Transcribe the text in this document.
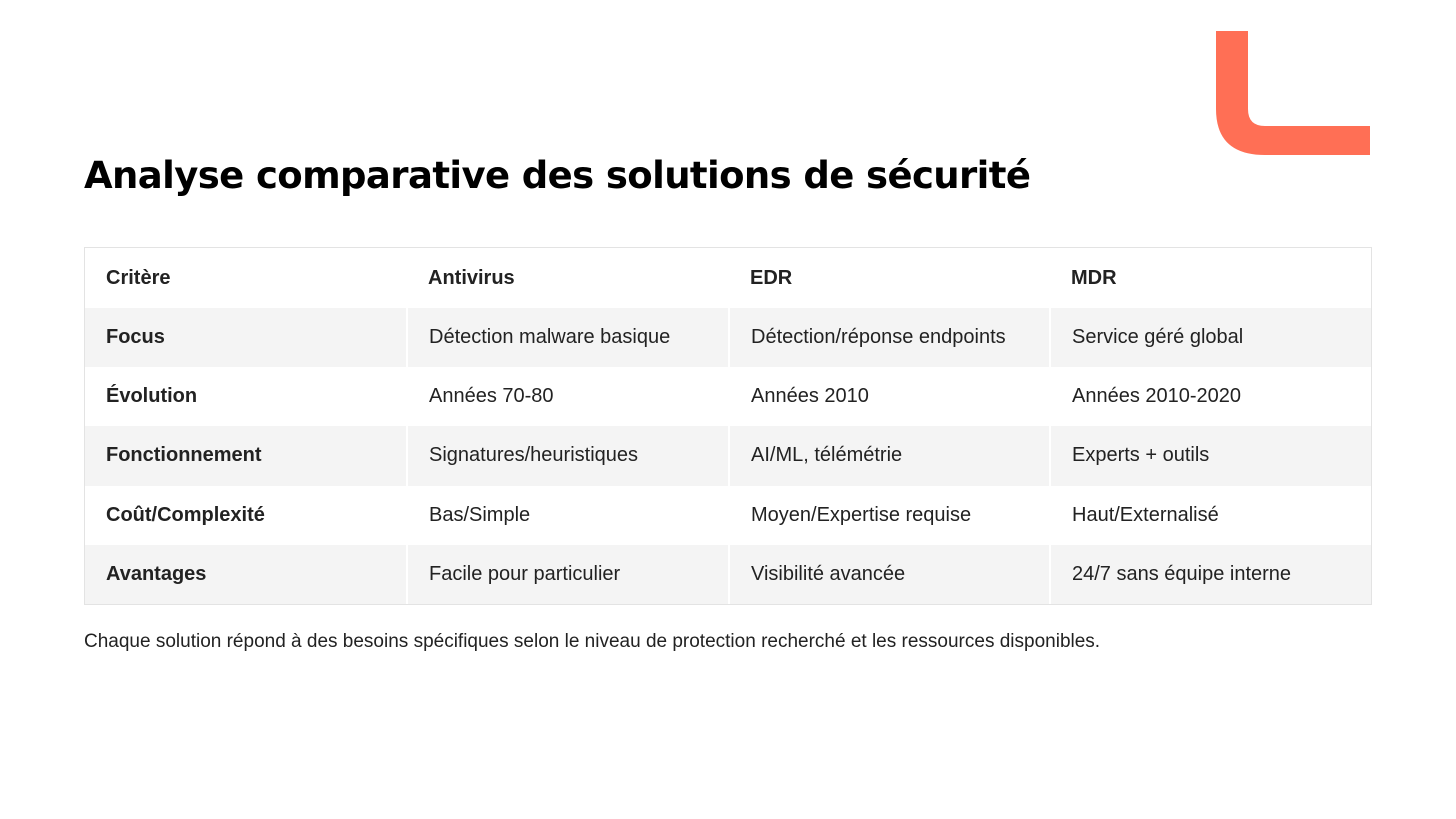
Analyse comparative des solutions de sécurité
Critère	Antivirus	EDR	MDR
Focus	Détection malware basique	Détection/réponse endpoints	Service géré global
Évolution	Années 70-80	Années 2010	Années 2010-2020
Fonctionnement	Signatures/heuristiques	AI/ML, télémétrie	Experts + outils
Coût/Complexité	Bas/Simple	Moyen/Expertise requise	Haut/Externalisé
Avantages	Facile pour particulier	Visibilité avancée	24/7 sans équipe interne

Chaque solution répond à des besoins spécifiques selon le niveau de protection recherché et les ressources disponibles.
